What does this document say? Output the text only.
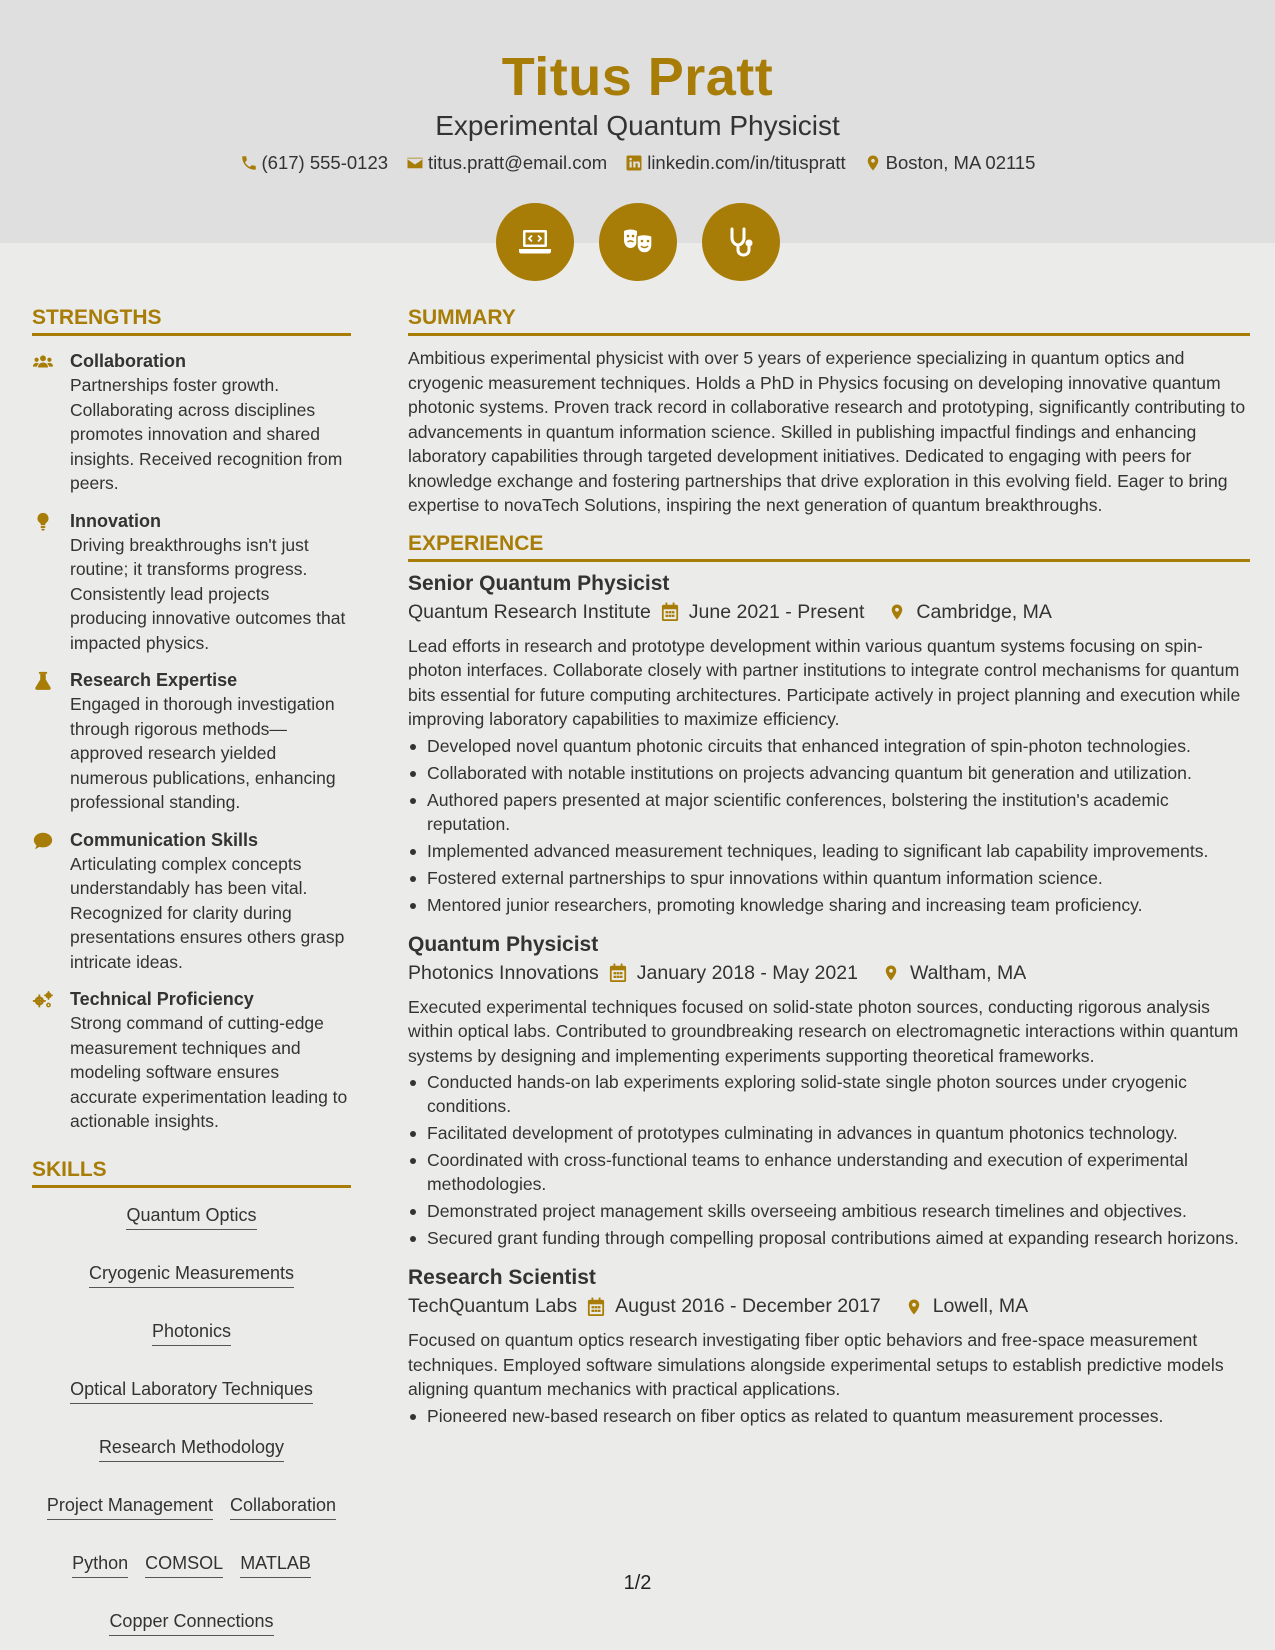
Titus Pratt
Experimental Quantum Physicist
(617) 555-0123 titus.pratt@email.com linkedin.com/in/tituspratt Boston, MA 02115
STRENGTHS
Collaboration
Partnerships foster growth. Collaborating across disciplines promotes innovation and shared insights. Received recognition from peers.
Innovation
Driving breakthroughs isn't just routine; it transforms progress. Consistently lead projects producing innovative outcomes that impacted physics.
Research Expertise
Engaged in thorough investigation through rigorous methods—approved research yielded numerous publications, enhancing professional standing.
Communication Skills
Articulating complex concepts understandably has been vital. Recognized for clarity during presentations ensures others grasp intricate ideas.
Technical Proficiency
Strong command of cutting-edge measurement techniques and modeling software ensures accurate experimentation leading to actionable insights.
SKILLS
Quantum Optics
Cryogenic Measurements
Photonics
Optical Laboratory Techniques
Research Methodology
Project Management Collaboration
Python COMSOL MATLAB
Copper Connections
SUMMARY
Ambitious experimental physicist with over 5 years of experience specializing in quantum optics and cryogenic measurement techniques. Holds a PhD in Physics focusing on developing innovative quantum photonic systems. Proven track record in collaborative research and prototyping, significantly contributing to advancements in quantum information science. Skilled in publishing impactful findings and enhancing laboratory capabilities through targeted development initiatives. Dedicated to engaging with peers for knowledge exchange and fostering partnerships that drive exploration in this evolving field. Eager to bring expertise to novaTech Solutions, inspiring the next generation of quantum breakthroughs.
EXPERIENCE
Senior Quantum Physicist
Quantum Research Institute June 2021 - Present	Cambridge, MA
Lead efforts in research and prototype development within various quantum systems focusing on spin-photon interfaces. Collaborate closely with partner institutions to integrate control mechanisms for quantum bits essential for future computing architectures. Participate actively in project planning and execution while improving laboratory capabilities to maximize efficiency.
Developed novel quantum photonic circuits that enhanced integration of spin-photon technologies.
Collaborated with notable institutions on projects advancing quantum bit generation and utilization.
Authored papers presented at major scientific conferences, bolstering the institution's academic reputation.
Implemented advanced measurement techniques, leading to significant lab capability improvements.
Fostered external partnerships to spur innovations within quantum information science.
Mentored junior researchers, promoting knowledge sharing and increasing team proficiency.
Quantum Physicist
Photonics Innovations January 2018 - May 2021	Waltham, MA
Executed experimental techniques focused on solid-state photon sources, conducting rigorous analysis within optical labs. Contributed to groundbreaking research on electromagnetic interactions within quantum systems by designing and implementing experiments supporting theoretical frameworks.
Conducted hands-on lab experiments exploring solid-state single photon sources under cryogenic conditions.
Facilitated development of prototypes culminating in advances in quantum photonics technology.
Coordinated with cross-functional teams to enhance understanding and execution of experimental methodologies.
Demonstrated project management skills overseeing ambitious research timelines and objectives.
Secured grant funding through compelling proposal contributions aimed at expanding research horizons.
Research Scientist
TechQuantum Labs August 2016 - December 2017	Lowell, MA
Focused on quantum optics research investigating fiber optic behaviors and free-space measurement techniques. Employed software simulations alongside experimental setups to establish predictive models aligning quantum mechanics with practical applications.
Pioneered new-based research on fiber optics as related to quantum measurement processes.
1/2
